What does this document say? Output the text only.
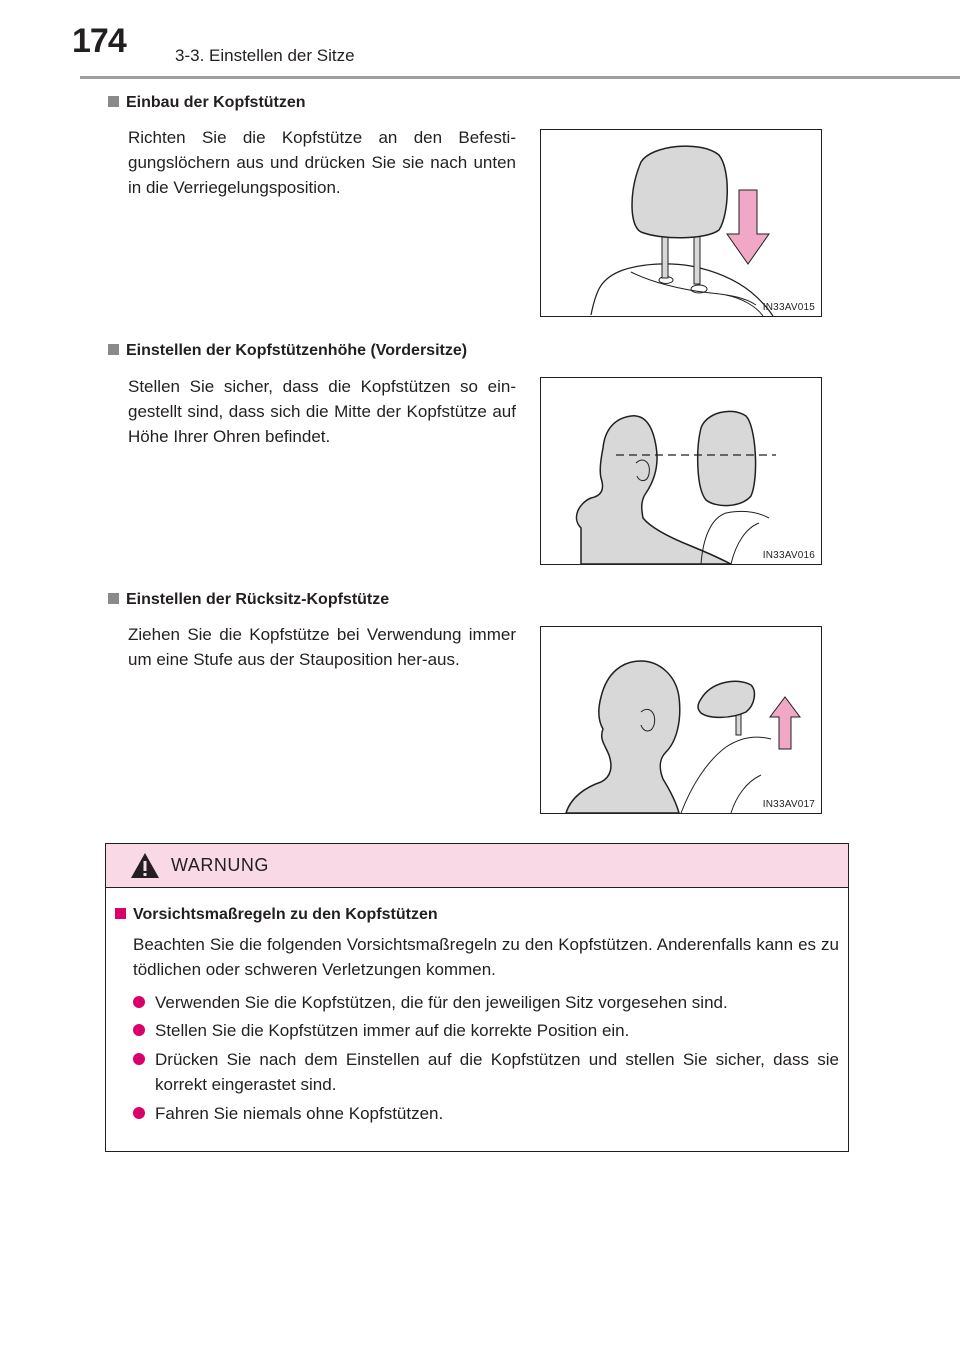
174	3-3. Einstellen der Sitze
Einbau der Kopfstützen
Richten Sie die Kopfstütze an den Befesti-gungslöchern aus und drücken Sie sie nach unten in die Verriegelungsposition.
IN33AV015
Einstellen der Kopfstützenhöhe (Vordersitze)
Stellen Sie sicher, dass die Kopfstützen so ein-gestellt sind, dass sich die Mitte der Kopfstütze auf Höhe Ihrer Ohren befindet.
IN33AV016
Einstellen der Rücksitz-Kopfstütze
Ziehen Sie die Kopfstütze bei Verwendung immer um eine Stufe aus der Stauposition her-aus.
IN33AV017
WARNUNG
Vorsichtsmaßregeln zu den Kopfstützen
Beachten Sie die folgenden Vorsichtsmaßregeln zu den Kopfstützen. Anderenfalls kann es zu tödlichen oder schweren Verletzungen kommen.
Verwenden Sie die Kopfstützen, die für den jeweiligen Sitz vorgesehen sind.
Stellen Sie die Kopfstützen immer auf die korrekte Position ein.
Drücken Sie nach dem Einstellen auf die Kopfstützen und stellen Sie sicher, dass sie korrekt eingerastet sind.
Fahren Sie niemals ohne Kopfstützen.
